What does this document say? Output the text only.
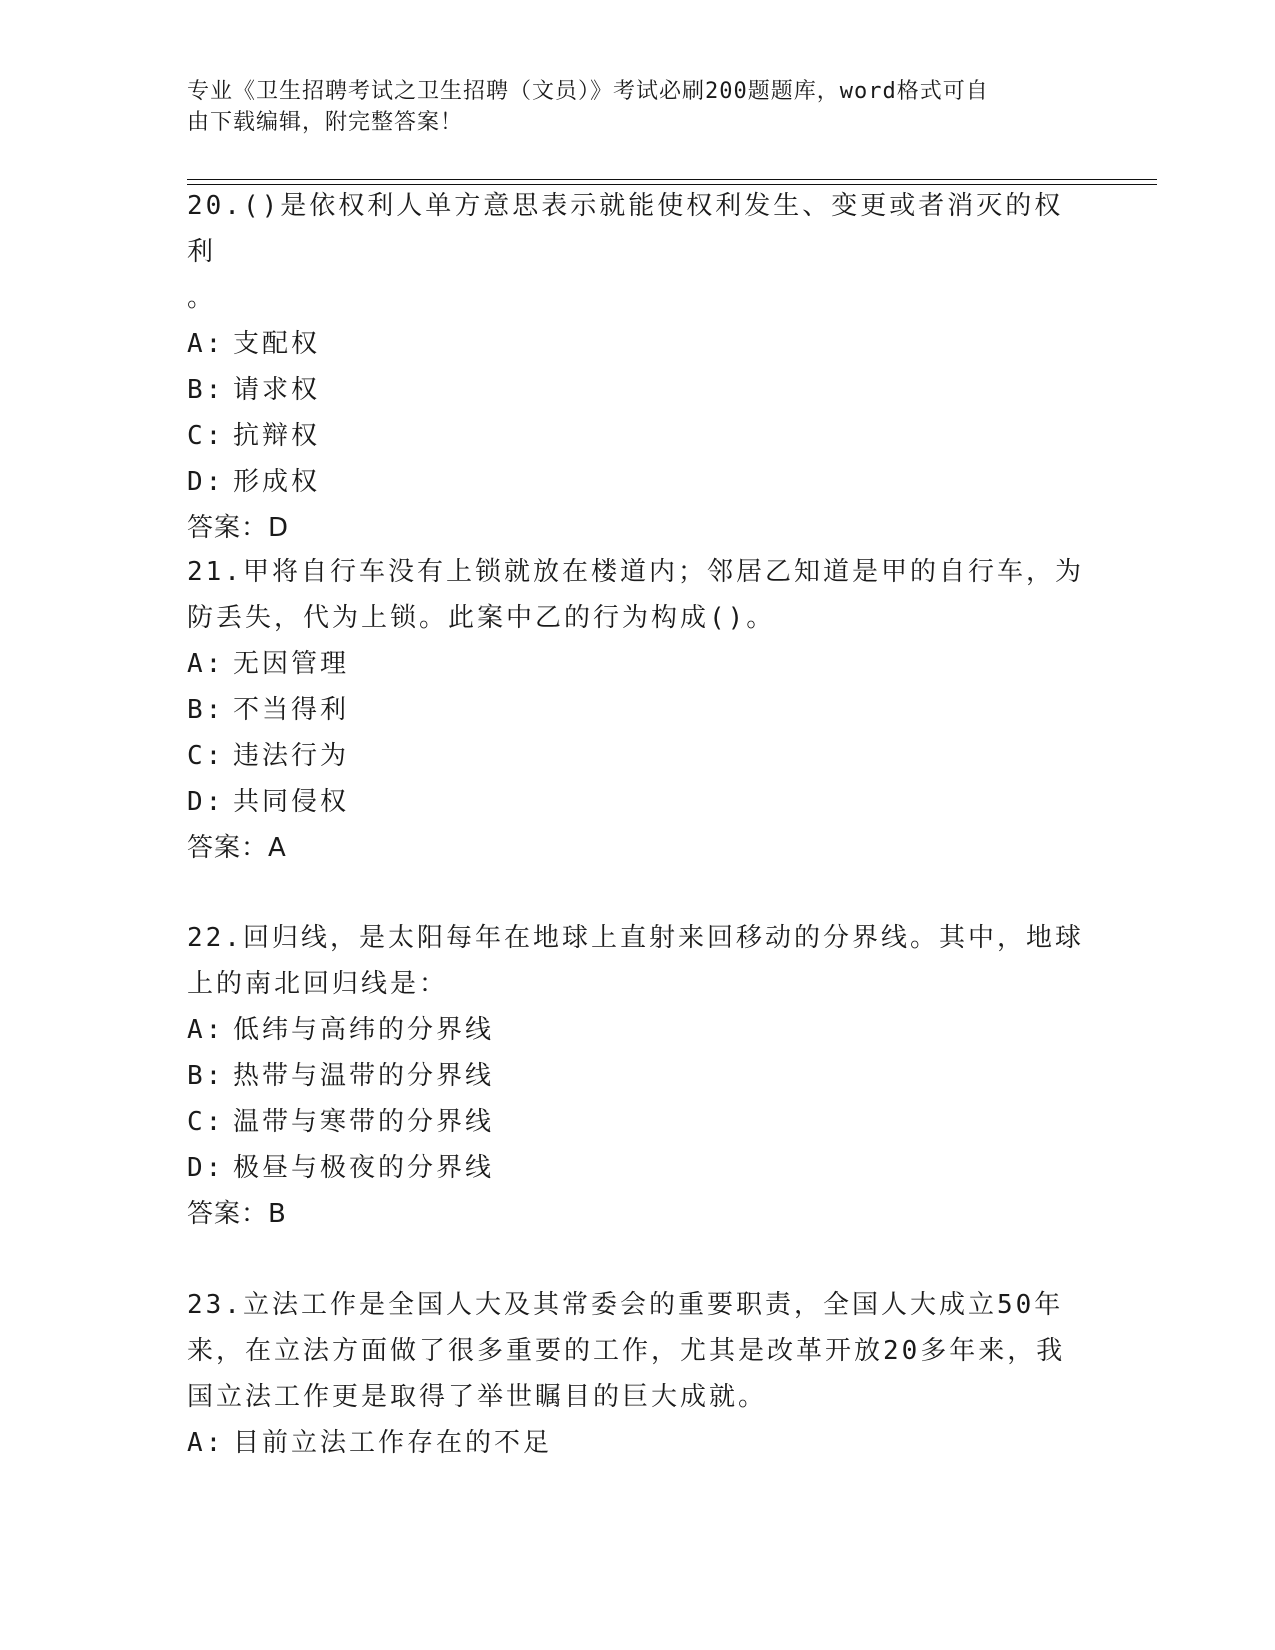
专业《卫生招聘考试之卫生招聘（文员）》考试必刷200题题库，word格式可自
由下载编辑，附完整答案！

20.()是依权利人单方意思表示就能使权利发生、变更或者消灭的权利

。

A: 支配权

B: 请求权

C: 抗辩权

D: 形成权

答案：D

21.甲将自行车没有上锁就放在楼道内；邻居乙知道是甲的自行车，为

防丢失，代为上锁。此案中乙的行为构成()。

A: 无因管理

B: 不当得利

C: 违法行为

D: 共同侵权

答案：A

22.回归线，是太阳每年在地球上直射来回移动的分界线。其中，地球

上的南北回归线是：

A: 低纬与高纬的分界线

B: 热带与温带的分界线

C: 温带与寒带的分界线

D: 极昼与极夜的分界线

答案：B

23.立法工作是全国人大及其常委会的重要职责，全国人大成立50年

来，在立法方面做了很多重要的工作，尤其是改革开放20多年来，我

国立法工作更是取得了举世瞩目的巨大成就。

A: 目前立法工作存在的不足
